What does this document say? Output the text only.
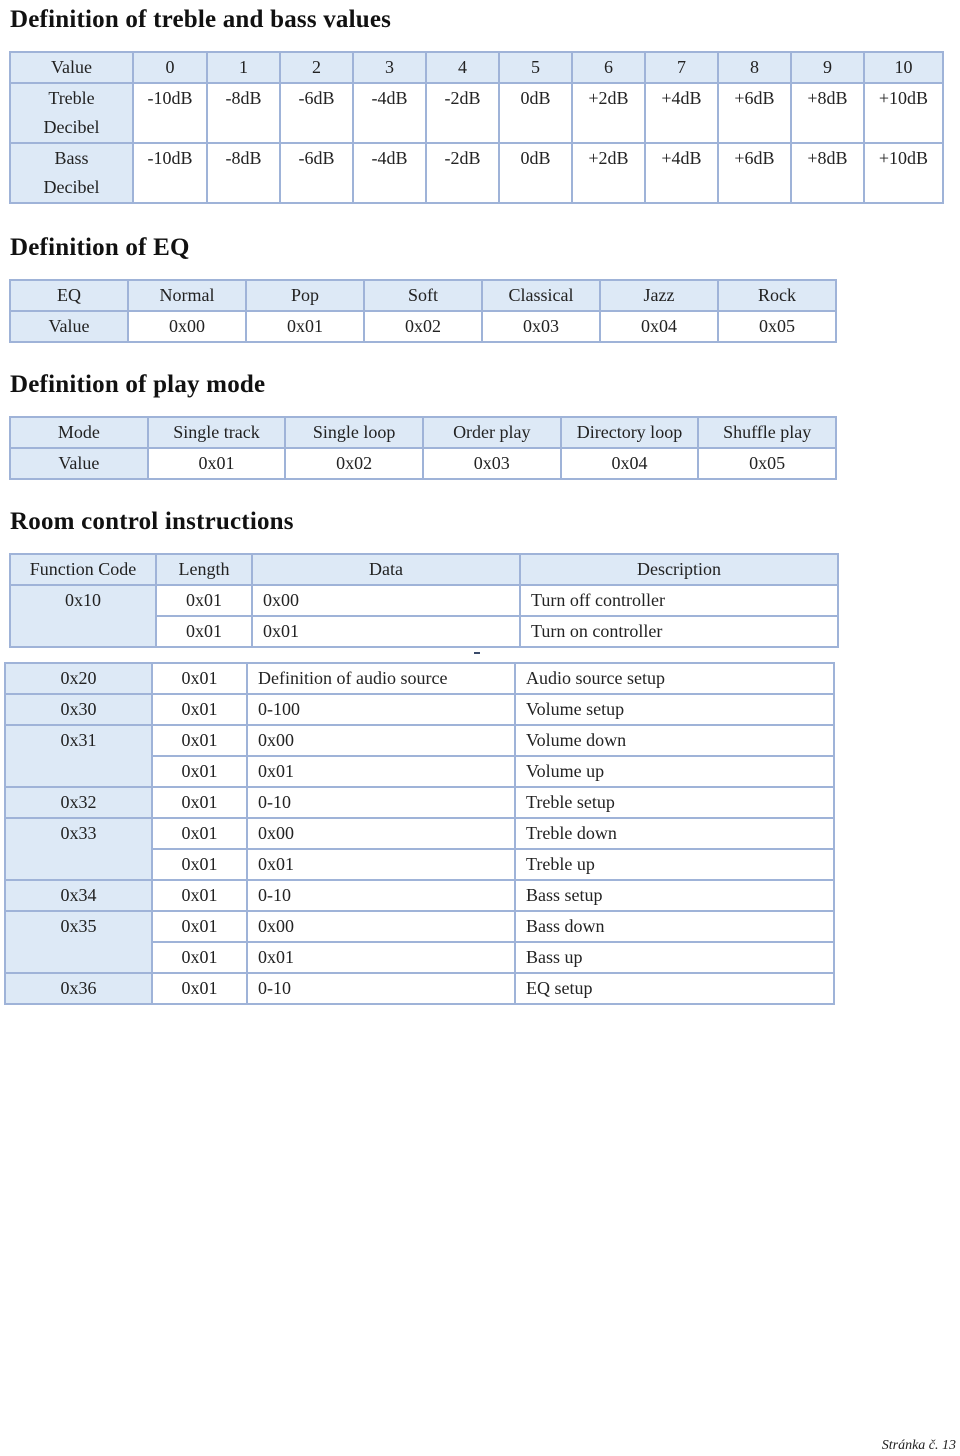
Definition of treble and bass values
Value	0	1	2	3	4	5	6	7	8	9	10

Treble
Decibel	-10dB	-8dB	-6dB	-4dB	-2dB	0dB	+2dB	+4dB	+6dB	+8dB	+10dB

Bass
Decibel	-10dB	-8dB	-6dB	-4dB	-2dB	0dB	+2dB	+4dB	+6dB	+8dB	+10dB
Definition of EQ
EQ	Normal	Pop	Soft	Classical	Jazz	Rock
Value	0x00	0x01	0x02	0x03	0x04	0x05
Definition of play mode
Mode	Single track	Single loop	Order play	Directory loop	Shuffle play
Value	0x01	0x02	0x03	0x04	0x05
Room control instructions
Function Code	Length	Data	Description
0x10	0x01	0x00	Turn off controller
	0x01	0x01	Turn on controller
0x20	0x01	Definition of audio source	Audio source setup
0x30	0x01	0-100	Volume setup
0x31	0x01	0x00	Volume down
	0x01	0x01	Volume up
0x32	0x01	0-10	Treble setup
0x33	0x01	0x00	Treble down
	0x01	0x01	Treble up
0x34	0x01	0-10	Bass setup
0x35	0x01	0x00	Bass down
	0x01	0x01	Bass up
0x36	0x01	0-10	EQ setup
Stránka č. 13
